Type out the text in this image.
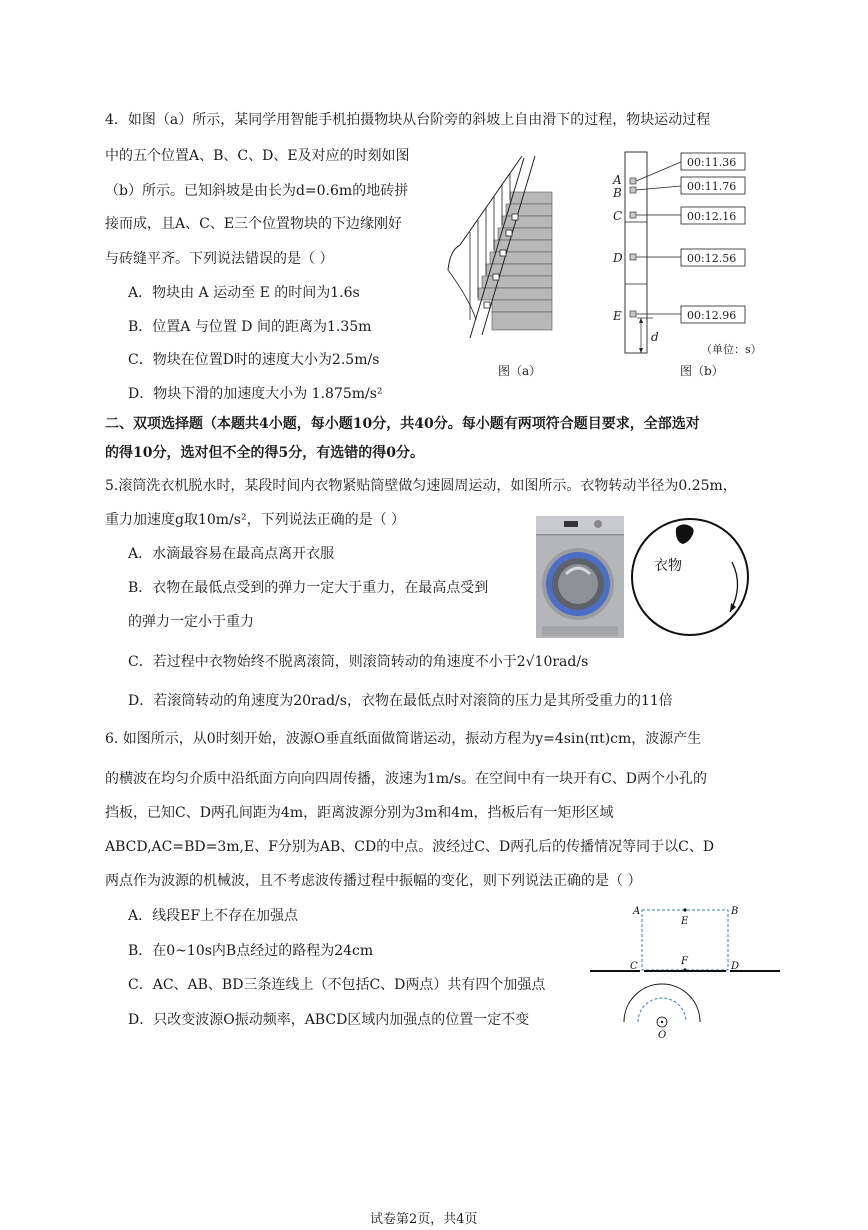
4．如图（a）所示，某同学用智能手机拍摄物块从台阶旁的斜坡上自由滑下的过程，物块运动过程
中的五个位置A、B、C、D、E及对应的时刻如图
（b）所示。已知斜坡是由长为d=0.6m的地砖拼
接而成，且A、C、E三个位置物块的下边缘刚好
与砖缝平齐。下列说法错误的是（ ）
A．物块由 A 运动至 E 的时间为1.6s
B．位置A 与位置 D 间的距离为1.35m
C．物块在位置D时的速度大小为2.5m/s
D．物块下滑的加速度大小为 1.875m/s²
图（a）
A
B
C
D
E
00:11.36
00:11.76
00:12.16
00:12.56
00:12.96
d
（单位：s）
图（b）
二、双项选择题（本题共4小题，每小题10分，共40分。每小题有两项符合题目要求，全部选对
的得10分，选对但不全的得5分，有选错的得0分。
5.滚筒洗衣机脱水时，某段时间内衣物紧贴筒壁做匀速圆周运动，如图所示。衣物转动半径为0.25m，
重力加速度g取10m/s²，下列说法正确的是（ ）
A．水滴最容易在最高点离开衣服
B．衣物在最低点受到的弹力一定大于重力，在最高点受到
的弹力一定小于重力
C．若过程中衣物始终不脱离滚筒，则滚筒转动的角速度不小于2√10rad/s
D．若滚筒转动的角速度为20rad/s，衣物在最低点时对滚筒的压力是其所受重力的11倍
衣物
6. 如图所示，从0时刻开始，波源O垂直纸面做简谐运动，振动方程为y=4sin(πt)cm，波源产生
的横波在均匀介质中沿纸面方向向四周传播，波速为1m/s。在空间中有一块开有C、D两个小孔的
挡板，已知C、D两孔间距为4m，距离波源分别为3m和4m，挡板后有一矩形区域
ABCD,AC=BD=3m,E、F分别为AB、CD的中点。波经过C、D两孔后的传播情况等同于以C、D
两点作为波源的机械波，且不考虑波传播过程中振幅的变化，则下列说法正确的是（ ）
A．线段EF上不存在加强点
B．在0~10s内B点经过的路程为24cm
C．AC、AB、BD三条连线上（不包括C、D两点）共有四个加强点
D．只改变波源O振动频率，ABCD区域内加强点的位置一定不变
A	B
E
C	F	D
O
试卷第2页，共4页
